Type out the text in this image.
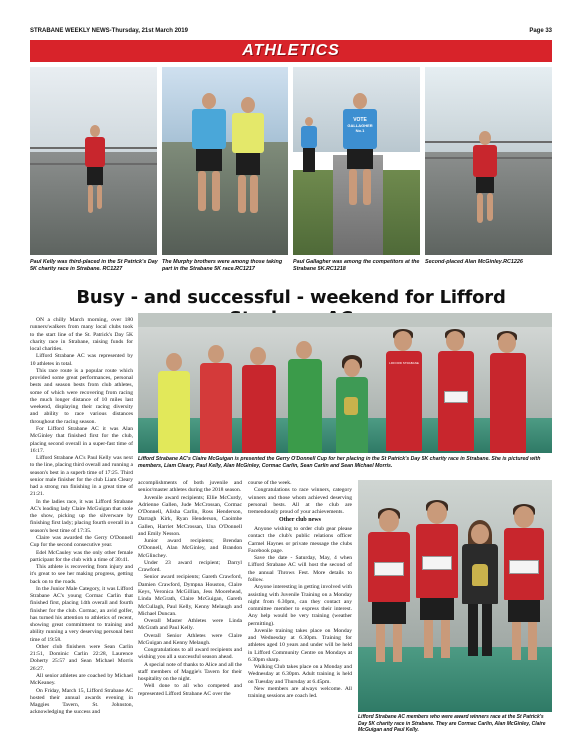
STRABANE WEEKLY NEWS-Thursday, 21st March 2019	Page 33
ATHLETICS
VOTE
GALLAGHER
No.1
Paul Kelly was third-placed in the St Patrick's Day 5K charity race in Strabane. RC1227
The Murphy brothers were among those taking part in the Strabane 5K race.RC1217
Paul Gallagher was among the competitors at the Strabane 5K.RC1218
Second-placed Alan McGinley.RC1226
Busy - and successful - weekend for Lifford

ON a chilly March morning, over 180 runners/walkers from many local clubs took to the start line of the St. Patrick's Day 5K charity race in Strabane, raising funds for local charities.

Lifford Strabane AC was represented by 10 athletes in total.

This race route is a popular route which provided some great performances, personal bests and season bests from club athletes, some of which were recovering from racing the much longer distance of 10 miles last weekend, displaying their racing diversity and ability to race various distances throughout the racing season.

For Lifford Strabane AC it was Alan McGinley that finished first for the club, placing second overall in a super-fast time of 16:17.

Lifford Strabane AC's Paul Kelly was next to the line, placing third overall and running a season's best in a superb time of 17:25. Third senior male finisher for the club Liam Cleary had a strong run finishing in a great time of 21:21.

In the ladies race, it was Lifford Strabane AC's leading lady Claire McGuigan that stole the show, picking up the silverware by finishing first lady; placing fourth overall in a season's best time of 17:35.

Claire was awarded the Gerry O'Donnell Cup for the second consecutive year.

Edel McCauley was the only other female participant for the club with a time of 30:41.

This athlete is recovering from injury and it's great to see her making progress, getting back on to the roads.

In the Junior Male Category, it was Lifford Strabane AC's young Cormac Carlin that finished first, placing 14th overall and fourth finisher for the club. Cormac, an avid golfer, has turned his attention to athletics of recent, showing great commitment to training and ability running a very deserving personal best time of 19:58.

Other club finishers were Sean Carlin 21:51, Dominic Carlin 22:28, Laurence Doherty 25:57 and Sean Michael Morris 26:27.

All senior athletes are coached by Michael McKeaney.

On Friday, March 15, Lifford Strabane AC hosted their annual awards evening in Maggies Tavern, St. Johnston, acknowledging the success and

LIFFORD STRABANE
Lifford Strabane AC's Claire McGuigan is presented the Gerry O'Donnell Cup for her placing in the St Patrick's Day 5K charity race in Strabane. She is pictured with members, Liam Cleary, Paul Kelly, Alan McGinley, Cormac Carlin, Sean Carlin and Sean Michael Morris.

accomplishments of both juvenile and senior/master athletes during the 2018 season.

Juvenile award recipients; Ellie McCurdy, Adrienne Gallen, Jude McCrossan, Cormac O'Donnell, Alisha Carlin, Ross Henderson, Darragh Kirk, Ryan Henderson, Caoimhe Gallen, Harriet McCrossan, Una O'Donnell and Emily Nesson.

Junior award recipients; Brendan O'Donnell, Alan McGinley, and Brandon McGlinchey.

Under 23 award recipient; Darryl Crawford.

Senior award recipients; Gareth Crawford, Damien Crawford, Dympna Houston, Claire Keys, Veronica McGillian, Jess Moorehead, Linda McGrath, Claire McGuigan, Gareth McCullagh, Paul Kelly, Kenny Melaugh and Michael Duncan.

Overall Master Athletes were Linda McGrath and Paul Kelly.

Overall Senior Athletes were Claire McGuigan and Kenny Melaugh.

Congratulations to all award recipients and wishing you all a successful season ahead.

A special note of thanks to Alice and all the staff members of Maggie's Tavern for their hospitality on the night.

Well done to all who competed and represented Lifford Strabane AC over the

course of the week.

Congratulations to race winners, category winners and those whom achieved deserving personal bests. All at the club are tremendously proud of your achievements.

Other club news

Anyone wishing to order club gear please contact the club's public relations officer Carmel Haynes or private message the clubs Facebook page.

Save the date - Saturday, May, 4 when Lifford Strabane AC will host the second of the annual Throws Fest. More details to follow.

Anyone interesting in getting involved with assisting with Juvenile Training on a Monday night from 6.30pm, can they contact any committee member to express their interest. Any help would be very training (weather permitting).

Juvenile training takes place on Monday and Wednesday at 6.30pm. Training for athletes aged 10 years and under will be held in Lifford Community Centre on Mondays at 6.30pm sharp.

Walking Club takes place on a Monday and Wednesday at 6.30pm. Adult training is held on Tuesday and Thursday at 6.45pm.

New members are always welcome. All training sessions are coach led.

Lifford Strabane AC members who were award winners race at the St Patrick's Day 5K charity race in Strabane. They are Cormac Carlin, Alan McGinley, Claire McGuigan and Paul Kelly.
